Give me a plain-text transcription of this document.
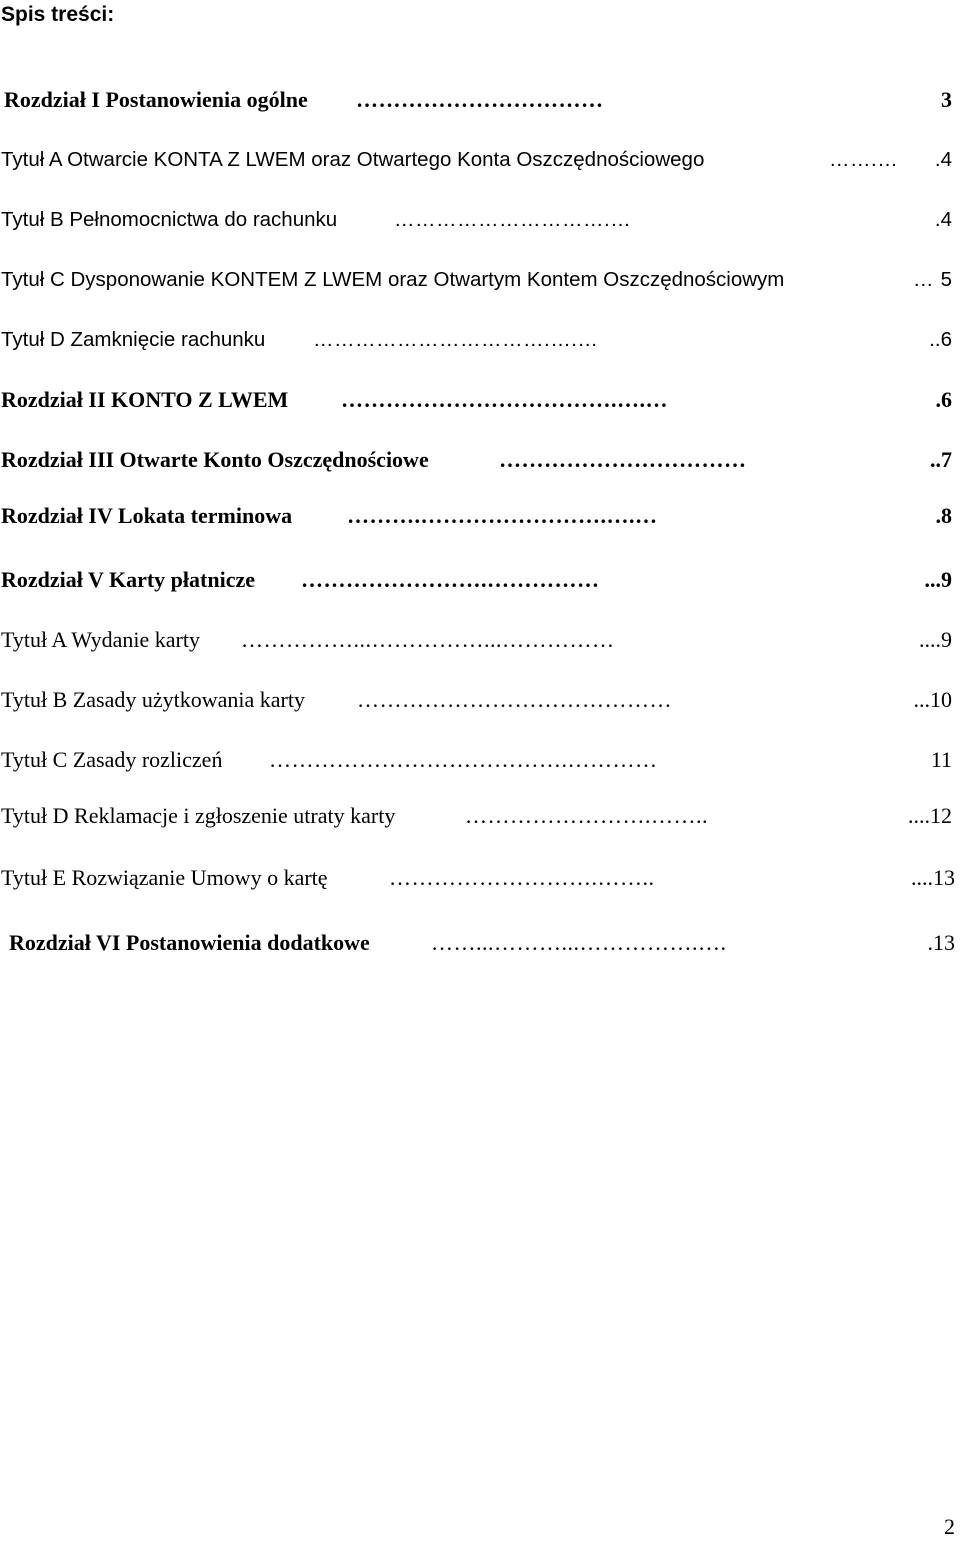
Spis treści:
Rozdział I Postanowienia ogólne ……………………………	3
Tytuł A Otwarcie KONTA Z LWEM oraz Otwartego Konta Oszczędnościowego	…….…	.4
Tytuł B Pełnomocnictwa do rachunku	………………………….…	.4
Tytuł C Dysponowanie KONTEM Z LWEM oraz Otwartym Kontem Oszczędnościowym	… 5
Tytuł D Zamknięcie rachunku …………………………….….…	..6
Rozdział II KONTO Z LWEM ……………………………….….…	.6
Rozdział III Otwarte Konto Oszczędnościowe	……………………………	..7
Rozdział IV Lokata terminowa ……….…………………….….…	.8
Rozdział V Karty płatnicze …………………….……………	...9
Tytuł A Wydanie karty ……………...……………...……………	....9
Tytuł B Zasady użytkowania karty ……………………………………	...10
Tytuł C Zasady rozliczeń ………………………………….…………	11
Tytuł D Reklamacje i zgłoszenie utraty karty	…………………….……..	....12
Tytuł E Rozwiązanie Umowy o kartę	……………………….……..	....13
Rozdział VI Postanowienia dodatkowe	……...………...…………….….	.13
2
